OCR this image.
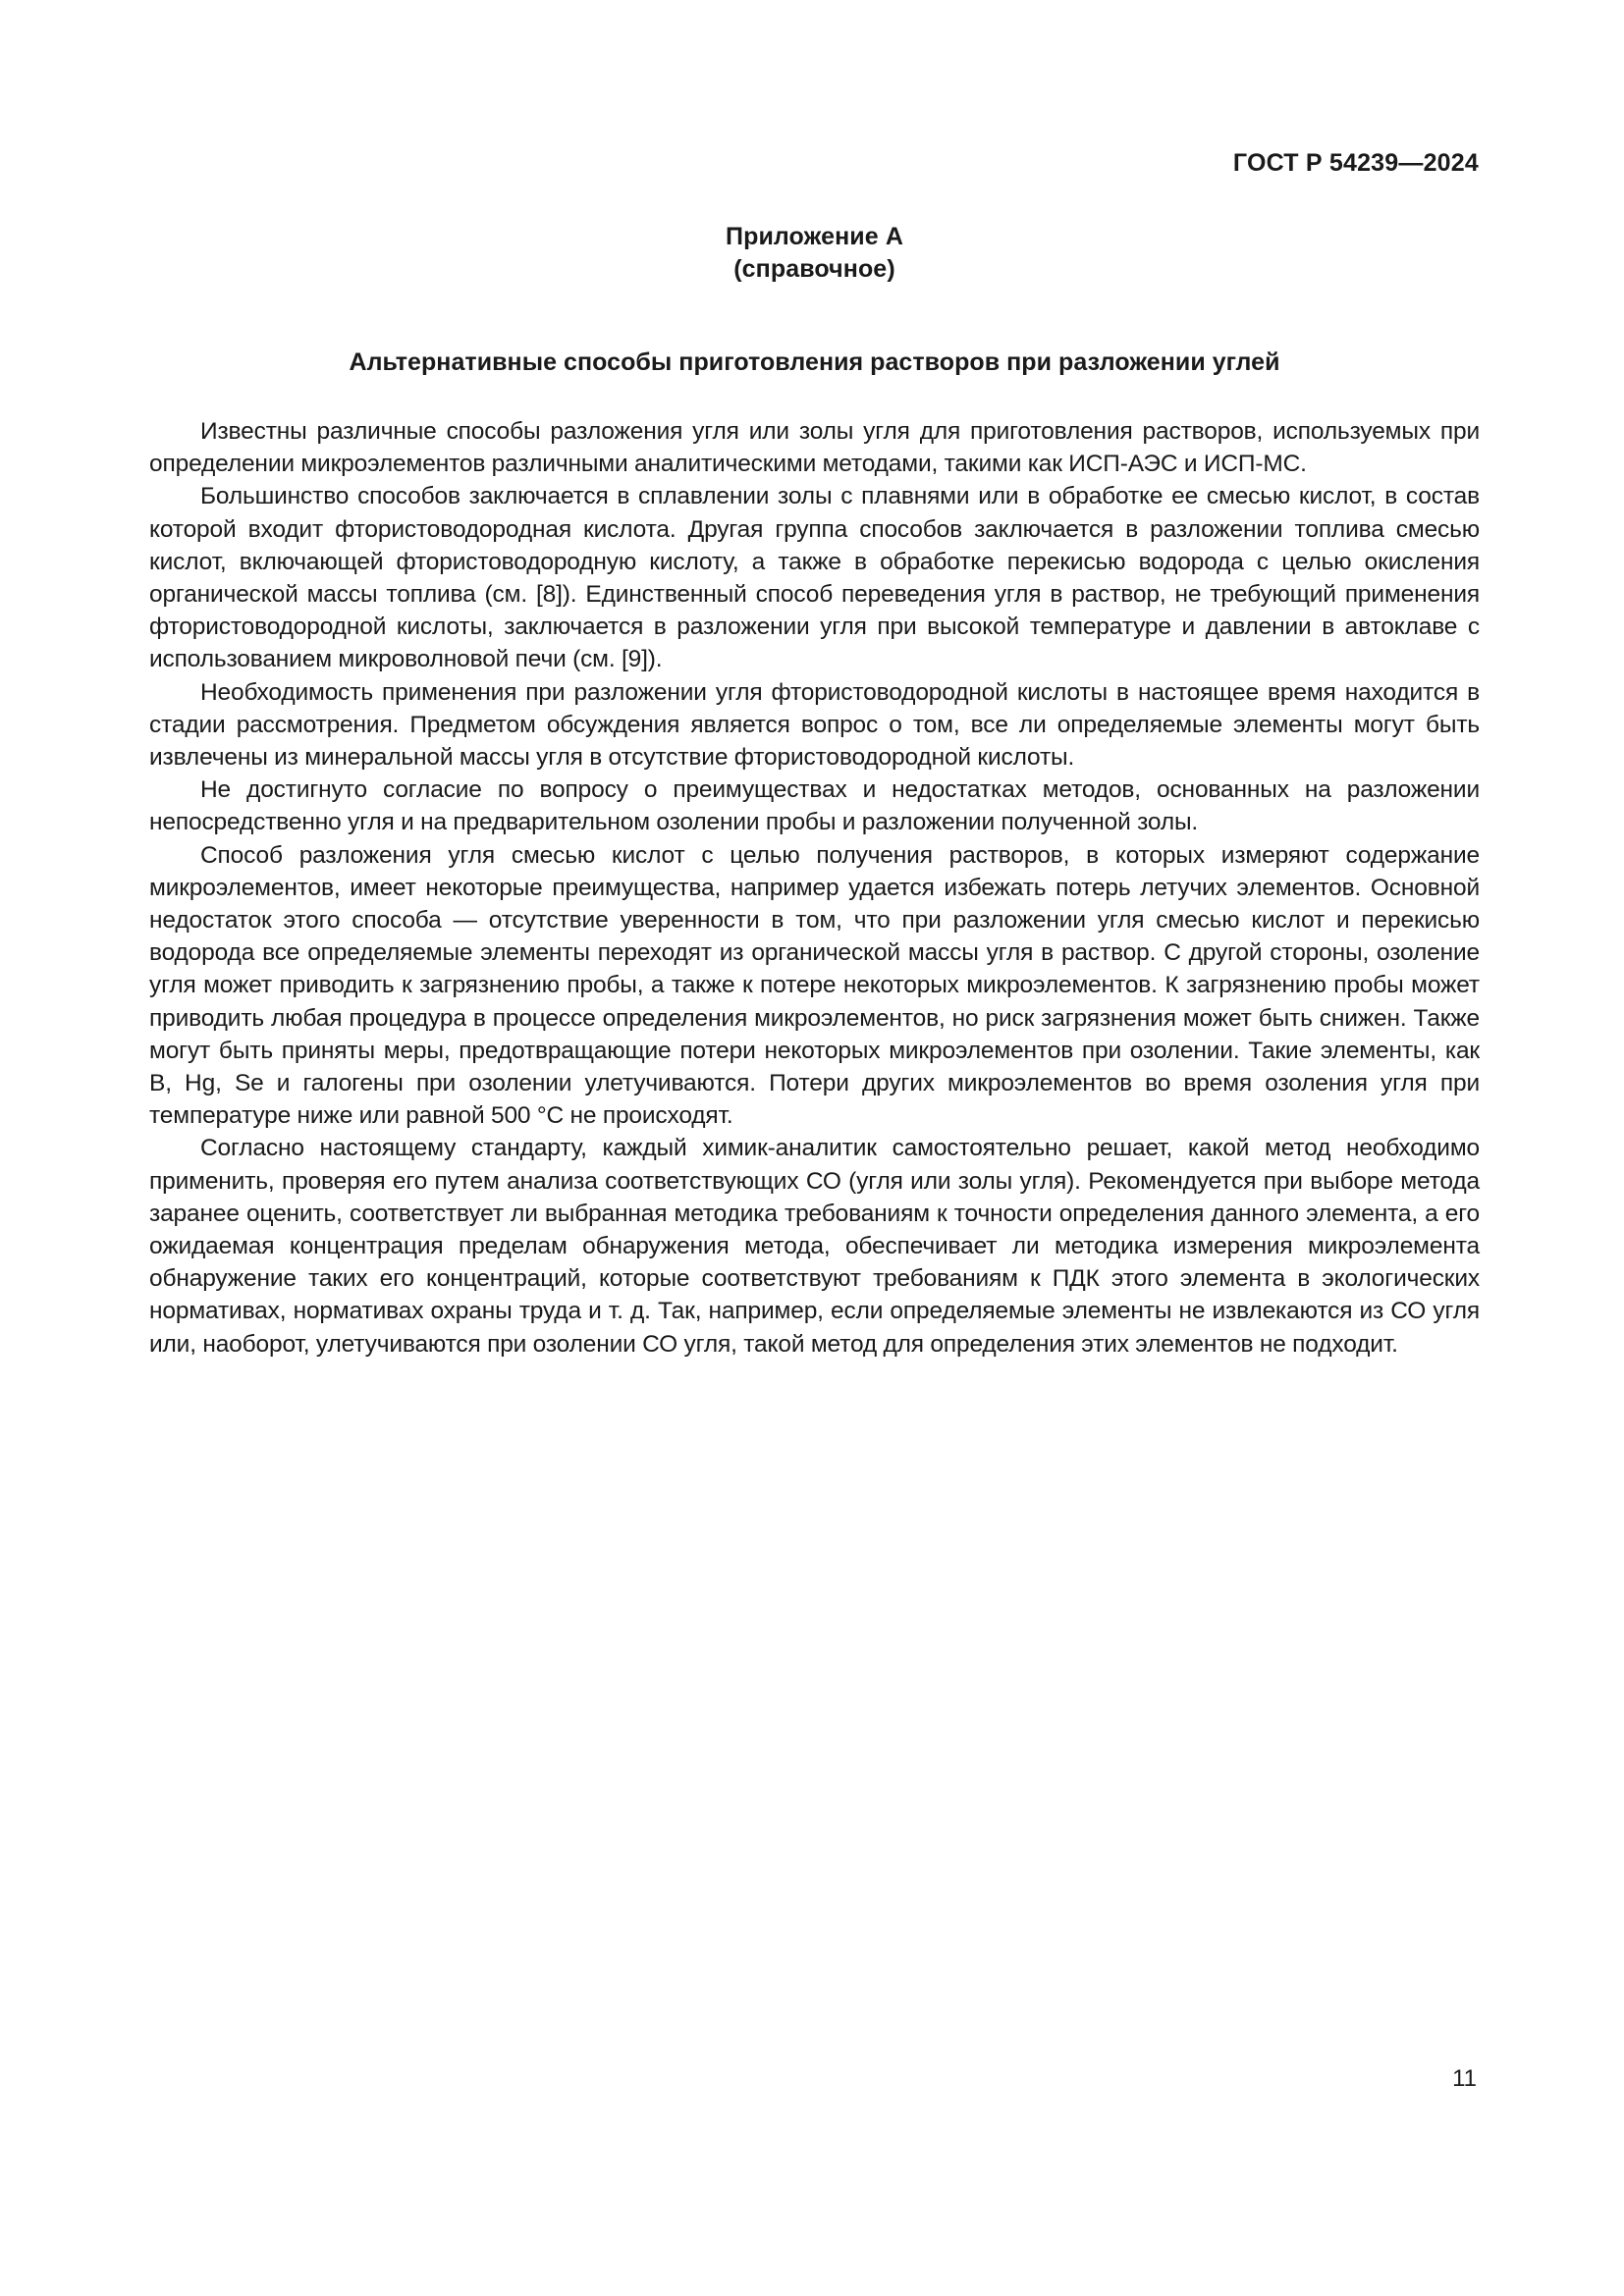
ГОСТ Р 54239—2024
Приложение А
(справочное)
Альтернативные способы приготовления растворов при разложении углей

Известны различные способы разложения угля или золы угля для приготовления растворов, используемых при определении микроэлементов различными аналитическими методами, такими как ИСП-АЭС и ИСП-МС.

Большинство способов заключается в сплавлении золы с плавнями или в обработке ее смесью кислот, в состав которой входит фтористоводородная кислота. Другая группа способов заключается в разложении топлива смесью кислот, включающей фтористоводородную кислоту, а также в обработке перекисью водорода с целью окисления органической массы топлива (см. [8]). Единственный способ переведения угля в раствор, не требующий применения фтористоводородной кислоты, заключается в разложении угля при высокой температуре и давлении в автоклаве с использованием микроволновой печи (см. [9]).

Необходимость применения при разложении угля фтористоводородной кислоты в настоящее время находится в стадии рассмотрения. Предметом обсуждения является вопрос о том, все ли определяемые элементы могут быть извлечены из минеральной массы угля в отсутствие фтористоводородной кислоты.

Не достигнуто согласие по вопросу о преимуществах и недостатках методов, основанных на разложении непосредственно угля и на предварительном озолении пробы и разложении полученной золы.

Способ разложения угля смесью кислот с целью получения растворов, в которых измеряют содержание микроэлементов, имеет некоторые преимущества, например удается избежать потерь летучих элементов. Основной недостаток этого способа — отсутствие уверенности в том, что при разложении угля смесью кислот и перекисью водорода все определяемые элементы переходят из органической массы угля в раствор. С другой стороны, озоление угля может приводить к загрязнению пробы, а также к потере некоторых микроэлементов. К загрязнению пробы может приводить любая процедура в процессе определения микроэлементов, но риск загрязнения может быть снижен. Также могут быть приняты меры, предотвращающие потери некоторых микроэлементов при озолении. Такие элементы, как B, Hg, Se и галогены при озолении улетучиваются. Потери других микроэлементов во время озоления угля при температуре ниже или равной 500 °C не происходят.

Согласно настоящему стандарту, каждый химик-аналитик самостоятельно решает, какой метод необходимо применить, проверяя его путем анализа соответствующих СО (угля или золы угля). Рекомендуется при выборе метода заранее оценить, соответствует ли выбранная методика требованиям к точности определения данного элемента, а его ожидаемая концентрация пределам обнаружения метода, обеспечивает ли методика измерения микроэлемента обнаружение таких его концентраций, которые соответствуют требованиям к ПДК этого элемента в экологических нормативах, нормативах охраны труда и т. д. Так, например, если определяемые элементы не извлекаются из СО угля или, наоборот, улетучиваются при озолении СО угля, такой метод для определения этих элементов не подходит.

11
